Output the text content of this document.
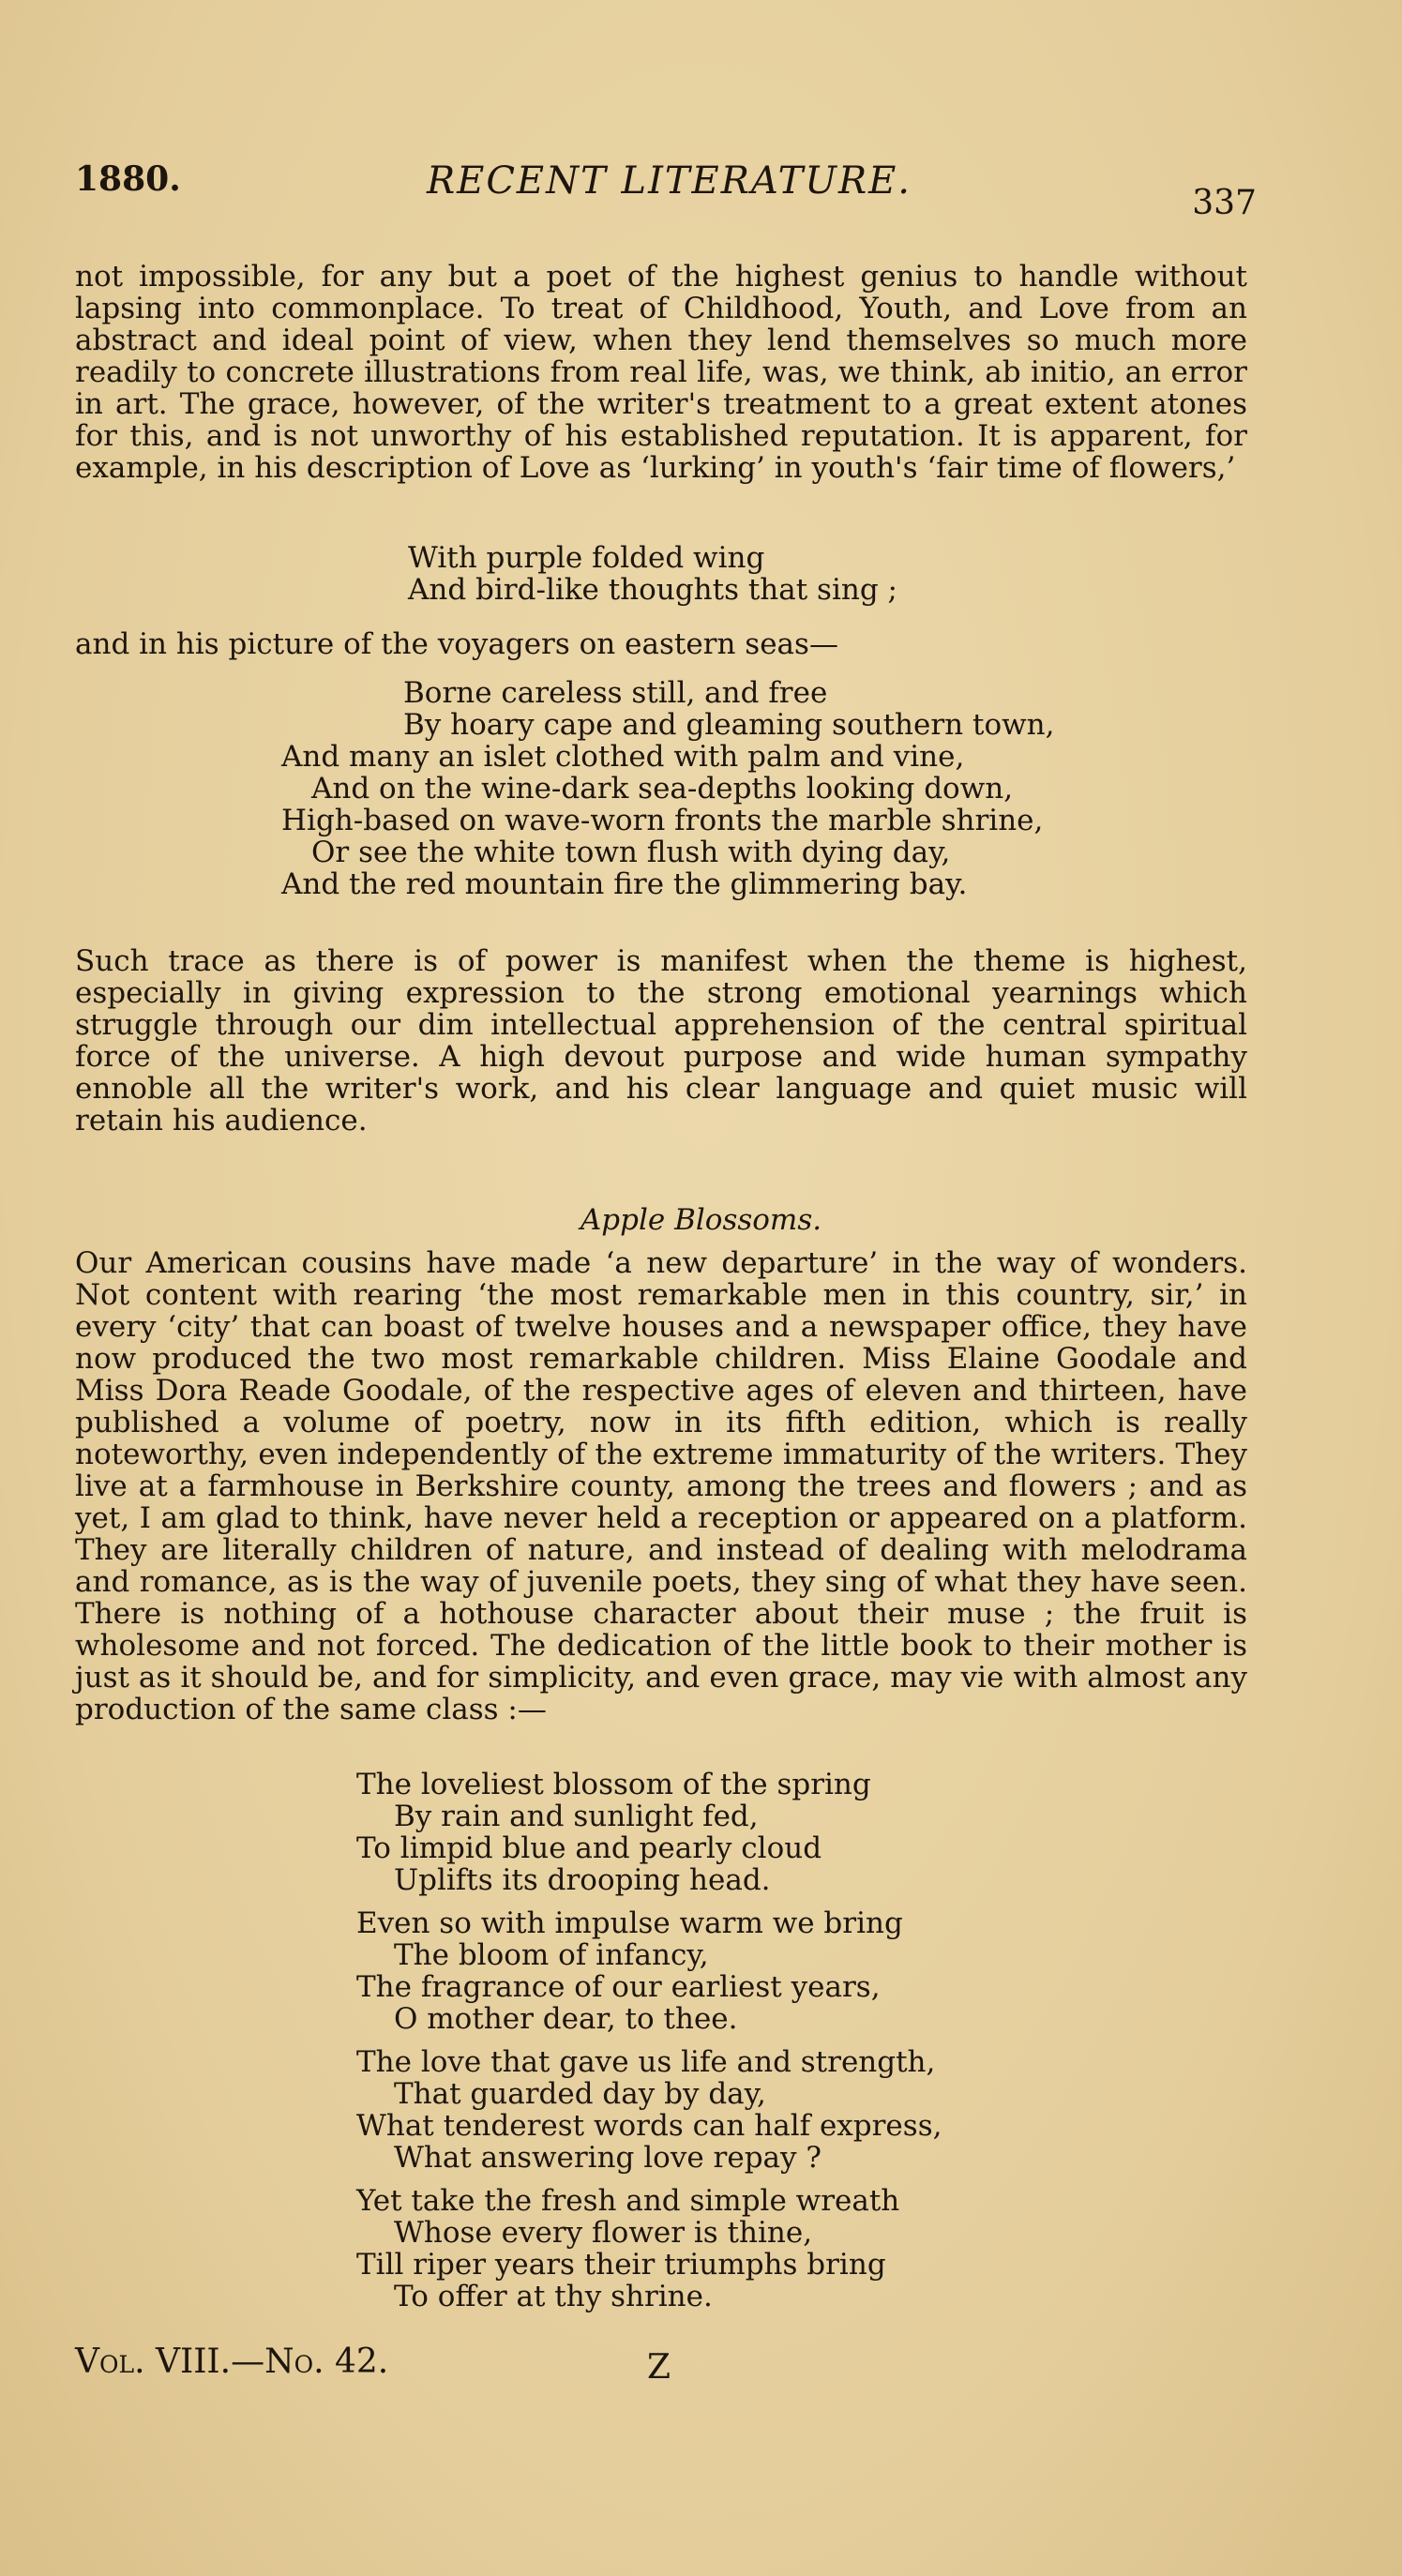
1880.	RECENT LITERATURE.
337

not impossible, for any but a poet of the highest genius to handle without lapsing into commonplace. To treat of Childhood, Youth, and Love from an abstract and ideal point of view, when they lend themselves so much more readily to concrete illustrations from real life, was, we think, ab initio, an error in art. The grace, however, of the writer's treatment to a great extent atones for this, and is not unworthy of his established reputation. It is apparent, for example, in his description of Love as ‘lurking’ in youth's ‘fair time of flowers,’

With purple folded wing
And bird-like thoughts that sing ;

and in his picture of the voyagers on eastern seas—

Borne careless still, and free
By hoary cape and gleaming southern town,
And many an islet clothed with palm and vine,
And on the wine-dark sea-depths looking down,
High-based on wave-worn fronts the marble shrine,
Or see the white town flush with dying day,
And the red mountain fire the glimmering bay.

Such trace as there is of power is manifest when the theme is highest, especially in giving expression to the strong emotional yearnings which struggle through our dim intellectual apprehension of the central spiritual force of the universe. A high devout purpose and wide human sympathy ennoble all the writer's work, and his clear language and quiet music will retain his audience.

Apple Blossoms.

Our American cousins have made ‘a new departure’ in the way of wonders. Not content with rearing ‘the most remarkable men in this country, sir,’ in every ‘city’ that can boast of twelve houses and a newspaper office, they have now produced the two most remarkable children. Miss Elaine Goodale and Miss Dora Reade Goodale, of the respective ages of eleven and thirteen, have published a volume of poetry, now in its fifth edition, which is really noteworthy, even independently of the extreme immaturity of the writers. They live at a farmhouse in Berkshire county, among the trees and flowers ; and as yet, I am glad to think, have never held a reception or appeared on a platform. They are literally children of nature, and instead of dealing with melodrama and romance, as is the way of juvenile poets, they sing of what they have seen. There is nothing of a hothouse character about their muse ; the fruit is wholesome and not forced. The dedication of the little book to their mother is just as it should be, and for simplicity, and even grace, may vie with almost any production of the same class :—

The loveliest blossom of the spring
By rain and sunlight fed,
To limpid blue and pearly cloud
Uplifts its drooping head.
Even so with impulse warm we bring
The bloom of infancy,
The fragrance of our earliest years,
O mother dear, to thee.
The love that gave us life and strength,
That guarded day by day,
What tenderest words can half express,
What answering love repay ?
Yet take the fresh and simple wreath
Whose every flower is thine,
Till riper years their triumphs bring
To offer at thy shrine.
Vol. VIII.—No. 42.	Z
